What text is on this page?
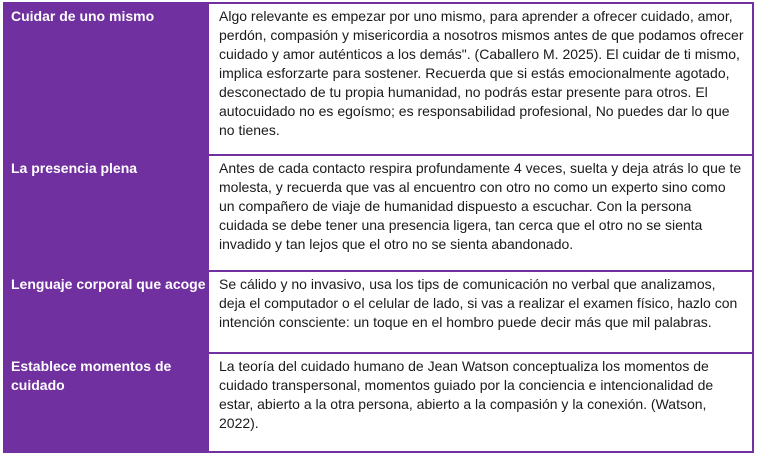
Cuidar de uno mismo	Algo relevante es empezar por uno mismo, para aprender a ofrecer cuidado, amor, perdón, compasión y misericordia a nosotros mismos antes de que podamos ofrecer cuidado y amor auténticos a los demás". (Caballero M. 2025). El cuidar de ti mismo, implica esforzarte para sostener. Recuerda que si estás emocionalmente agotado, desconectado de tu propia humanidad, no podrás estar presente para otros. El autocuidado no es egoísmo; es responsabilidad profesional, No puedes dar lo que no tienes.
La presencia plena	Antes de cada contacto respira profundamente 4 veces, suelta y deja atrás lo que te molesta, y recuerda que vas al encuentro con otro no como un experto sino como un compañero de viaje de humanidad dispuesto a escuchar. Con la persona cuidada se debe tener una presencia ligera, tan cerca que el otro no se sienta invadido y tan lejos que el otro no se sienta abandonado.
Lenguaje corporal que acoge Se cálido y no invasivo, usa los tips de comunicación no verbal que analizamos, deja el computador o el celular de lado, si vas a realizar el examen físico, hazlo con intención consciente: un toque en el hombro puede decir más que mil palabras.
Establece momentos de cuidado
La teoría del cuidado humano de Jean Watson conceptualiza los momentos de cuidado transpersonal, momentos guiado por la conciencia e intencionalidad de estar, abierto a la otra persona, abierto a la compasión y la conexión. (Watson, 2022).
